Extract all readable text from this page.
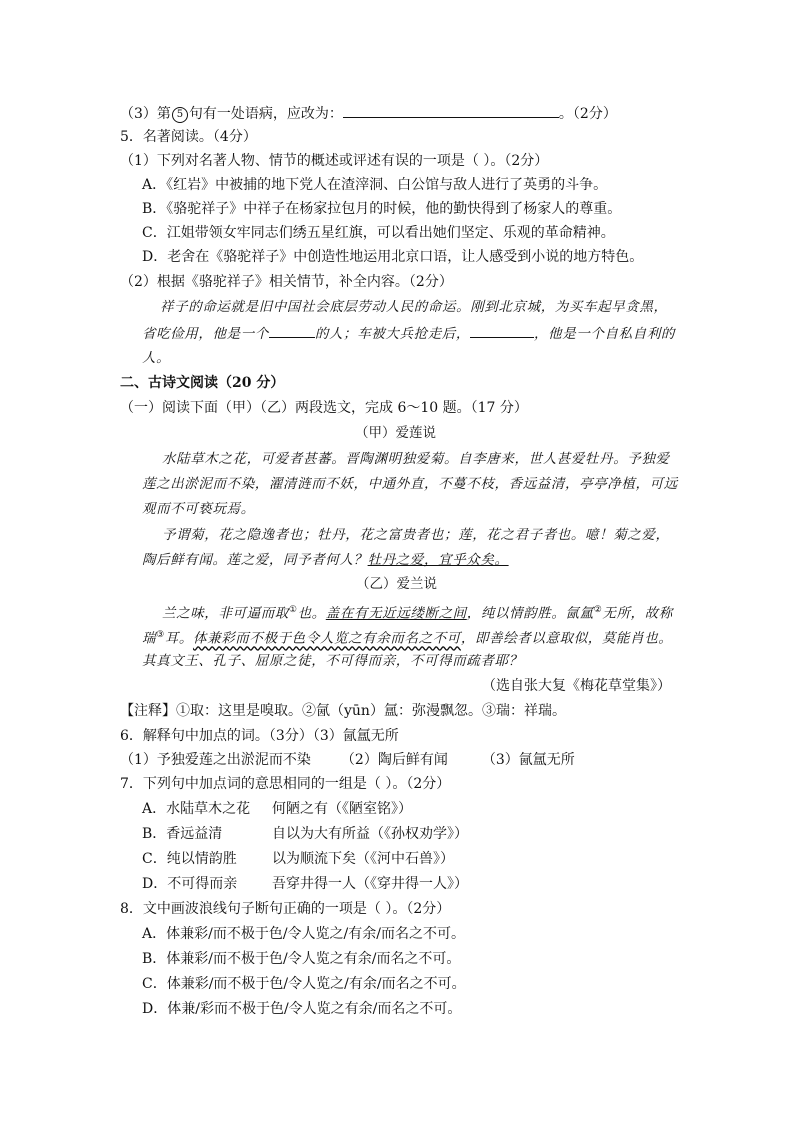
（3）第 5 句有一处语病，应改为：	。（2分）
5．名著阅读。（4分）
（1）下列对名著人物、情节的概述或评述有误的一项是（ ）。（2分）
A．《红岩》中被捕的地下党人在渣滓洞、白公馆与敌人进行了英勇的斗争。
B．《骆驼祥子》中祥子在杨家拉包月的时候，他的勤快得到了杨家人的尊重。
C．江姐带领女牢同志们绣五星红旗，可以看出她们坚定、乐观的革命精神。
D．老舍在《骆驼祥子》中创造性地运用北京口语，让人感受到小说的地方特色。
（2）根据《骆驼祥子》相关情节，补全内容。（2分）
祥子的命运就是旧中国社会底层劳动人民的命运。刚到北京城，为买车起早贪黑，
省吃俭用，他是一个	的人；车被大兵抢走后，	，他是一个自私自利的
人。
二、古诗文阅读（20 分）
（一）阅读下面（甲）（乙）两段选文，完成 6～10 题。（17 分）
（甲）爱莲说
水陆草木之花，可爱者甚蕃。晋陶渊明独爱菊。自李唐来，世人甚爱牡丹。予独爱
莲之出淤泥而不染，濯清涟而不妖，中通外直，不蔓不枝，香远益清，亭亭净植，可远
观而不可亵玩焉。
予谓菊，花之隐逸者也；牡丹，花之富贵者也；莲，花之君子者也。噫！菊之爱，
陶后鲜有闻。莲之爱，同予者何人？牡丹之爱，宜乎众矣。
（乙）爱兰说
兰之味，非可逼而取①也。盖在有无近远缕断之间，纯以情韵胜。氤氲②无所，故称
瑞③耳。体兼彩而不极于色令人览之有余而名之不可，即善绘者以意取似，莫能肖也。
其真文王、孔子、屈原之徒，不可得而亲，不可得而疏者耶？
（选自张大复《梅花草堂集》）
【注释】①取：这里是嗅取。②氤（yūn）氲：弥漫飘忽。③瑞：祥瑞。
6．解释句中加点的词。（3分）（3）氤氲无所
（1）予独爱莲之出淤泥而不染 （2）陶后鲜有闻 （3）氤氲无所
7．下列句中加点词的意思相同的一组是（ ）。（2分）
A．水陆草木之花 何陋之有（《陋室铭》）
B．香远益清	自以为大有所益（《孙权劝学》）
C．纯以情韵胜	以为顺流下矣（《河中石兽》）
D．不可得而亲 吾穿井得一人（《穿井得一人》）
8．文中画波浪线句子断句正确的一项是（ ）。（2分）
A．体兼彩/而不极于色/令人览之/有余/而名之不可。
B．体兼彩/而不极于色/令人览之有余/而名之不可。
C．体兼彩/而不极于色/令人览之/有余/而名之不可。
D．体兼/彩而不极于色/令人览之有余/而名之不可。
